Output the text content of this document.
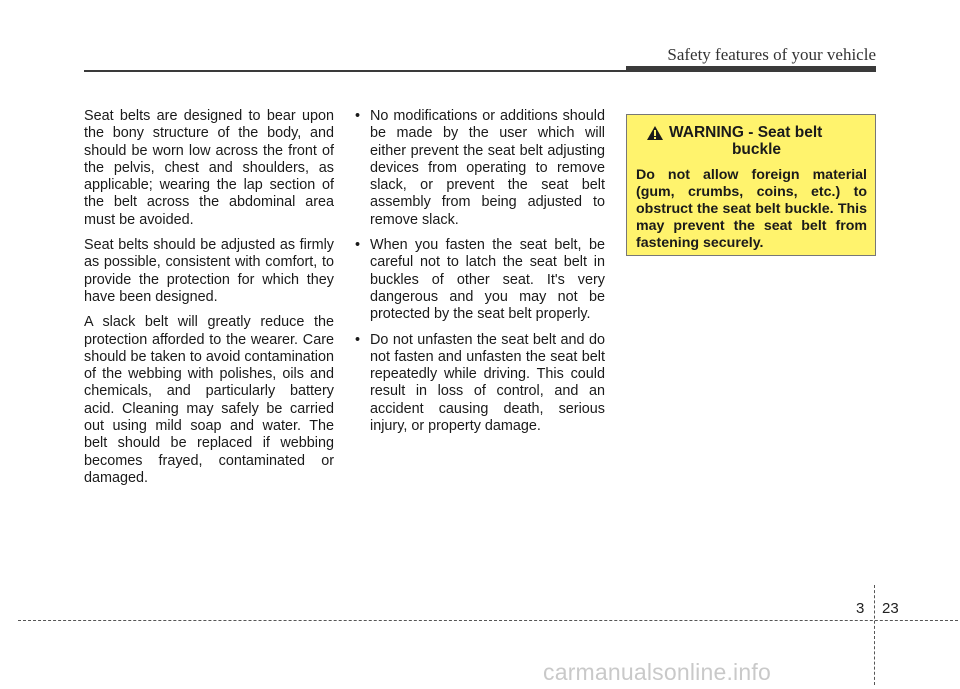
Safety features of your vehicle

Seat belts are designed to bear upon the bony structure of the body, and should be worn low across the front of the pelvis, chest and shoulders, as applicable; wearing the lap section of the belt across the abdominal area must be avoided.

Seat belts should be adjusted as firmly as possible, consistent with comfort, to provide the protection for which they have been designed.

A slack belt will greatly reduce the protection afforded to the wearer. Care should be taken to avoid contamination of the webbing with polishes, oils and chemicals, and particularly battery acid. Cleaning may safely be carried out using mild soap and water. The belt should be replaced if webbing becomes frayed, contaminated or damaged.

• No modifications or additions should be made by the user which will either prevent the seat belt adjusting devices from operating to remove slack, or prevent the seat belt assembly from being adjusted to remove slack.
• When you fasten the seat belt, be careful not to latch the seat belt in buckles of other seat. It's very dangerous and you may not be protected by the seat belt properly.
• Do not unfasten the seat belt and do not fasten and unfasten the seat belt repeatedly while driving. This could result in loss of control, and an accident causing death, serious injury, or property damage.
WARNING - Seat belt
buckle

Do not allow foreign material (gum, crumbs, coins, etc.) to obstruct the seat belt buckle. This may prevent the seat belt from fastening securely.

3 23
carmanualsonline.info
